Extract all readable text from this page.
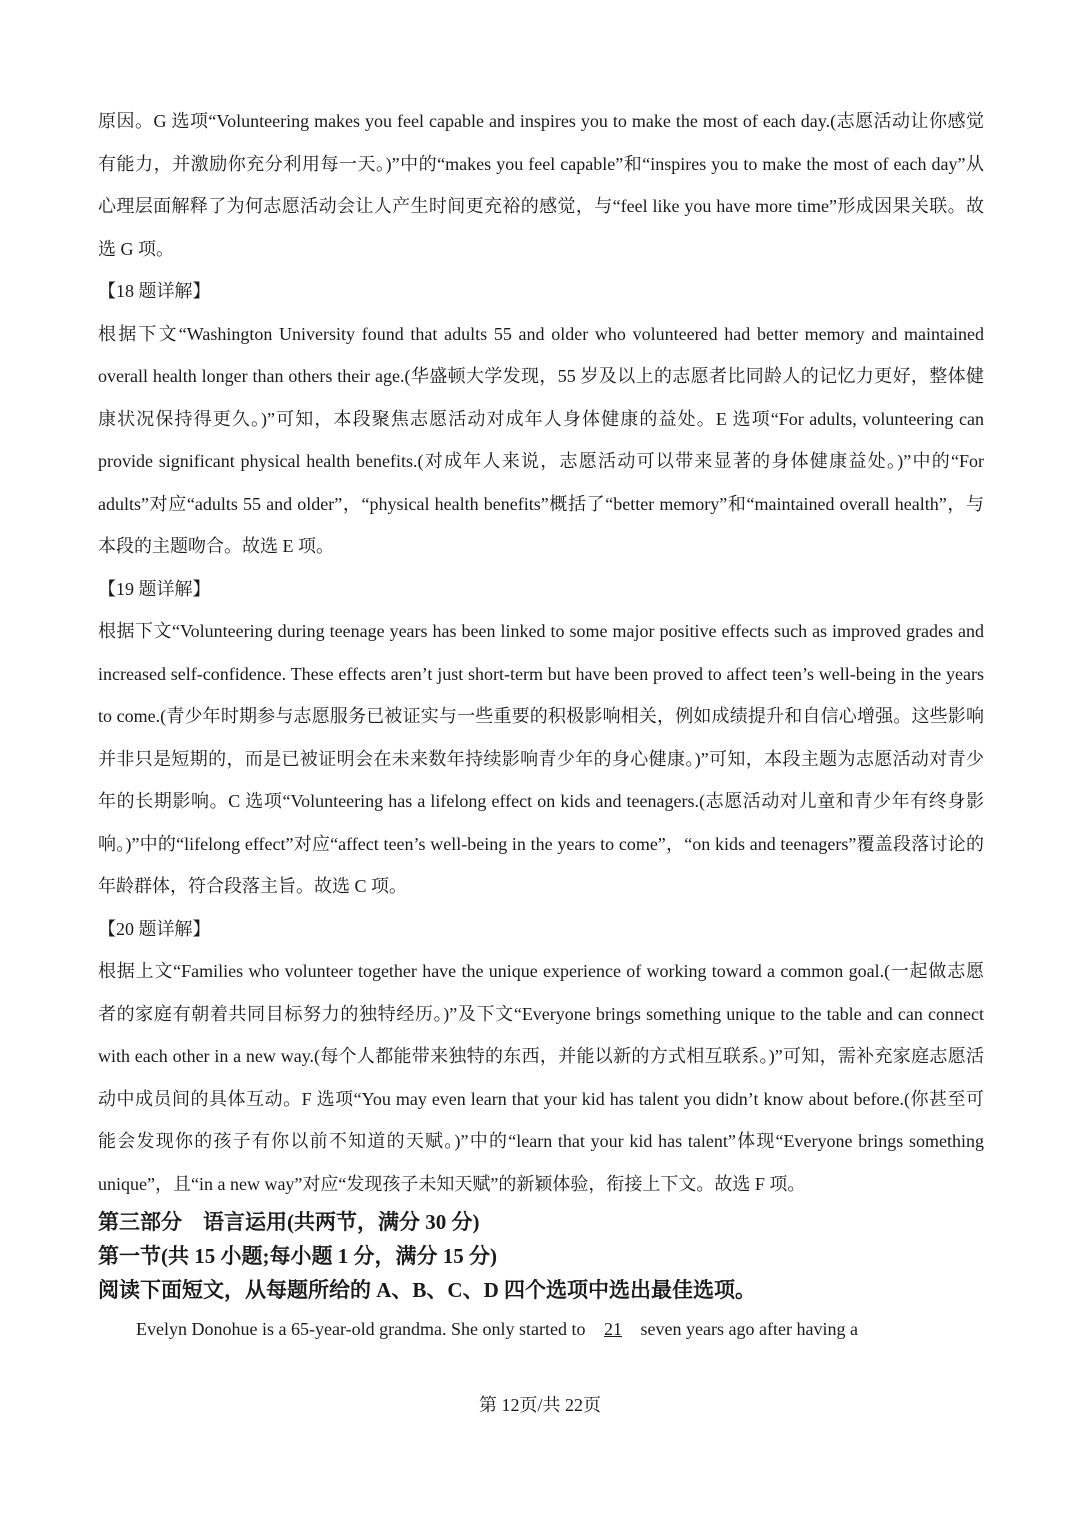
原因。G 选项“Volunteering makes you feel capable and inspires you to make the most of each day.(志愿活动让你感觉有能力，并激励你充分利用每一天。)”中的“makes you feel capable”和“inspires you to make the most of each day”从心理层面解释了为何志愿活动会让人产生时间更充裕的感觉，与“feel like you have more time”形成因果关联。故选 G 项。

【18 题详解】

根据下文“Washington University found that adults 55 and older who volunteered had better memory and maintained overall health longer than others their age.(华盛顿大学发现，55 岁及以上的志愿者比同龄人的记忆力更好，整体健康状况保持得更久。)”可知，本段聚焦志愿活动对成年人身体健康的益处。E 选项“For adults, volunteering can provide significant physical health benefits.(对成年人来说，志愿活动可以带来显著的身体健康益处。)”中的“For adults”对应“adults 55 and older”，“physical health benefits”概括了“better memory”和“maintained overall health”，与本段的主题吻合。故选 E 项。

【19 题详解】

根据下文“Volunteering during teenage years has been linked to some major positive effects such as improved grades and increased self-confidence. These effects aren’t just short-term but have been proved to affect teen’s well-being in the years to come.(青少年时期参与志愿服务已被证实与一些重要的积极影响相关，例如成绩提升和自信心增强。这些影响并非只是短期的，而是已被证明会在未来数年持续影响青少年的身心健康。)”可知，本段主题为志愿活动对青少年的长期影响。C 选项“Volunteering has a lifelong effect on kids and teenagers.(志愿活动对儿童和青少年有终身影响。)”中的“lifelong effect”对应“affect teen’s well-being in the years to come”，“on kids and teenagers”覆盖段落讨论的年龄群体，符合段落主旨。故选 C 项。

【20 题详解】

根据上文“Families who volunteer together have the unique experience of working toward a common goal.(一起做志愿者的家庭有朝着共同目标努力的独特经历。)”及下文“Everyone brings something unique to the table and can connect with each other in a new way.(每个人都能带来独特的东西，并能以新的方式相互联系。)”可知，需补充家庭志愿活动中成员间的具体互动。F 选项“You may even learn that your kid has talent you didn’t know about before.(你甚至可能会发现你的孩子有你以前不知道的天赋。)”中的“learn that your kid has talent”体现“Everyone brings something unique”，且“in a new way”对应“发现孩子未知天赋”的新颖体验，衔接上下文。故选 F 项。

第三部分　语言运用(共两节，满分 30 分)

第一节(共 15 小题;每小题 1 分，满分 15 分)

阅读下面短文，从每题所给的 A、B、C、D 四个选项中选出最佳选项。

Evelyn Donohue is a 65-year-old grandma. She only started to 21 seven years ago after having a

第 12页/共 22页
